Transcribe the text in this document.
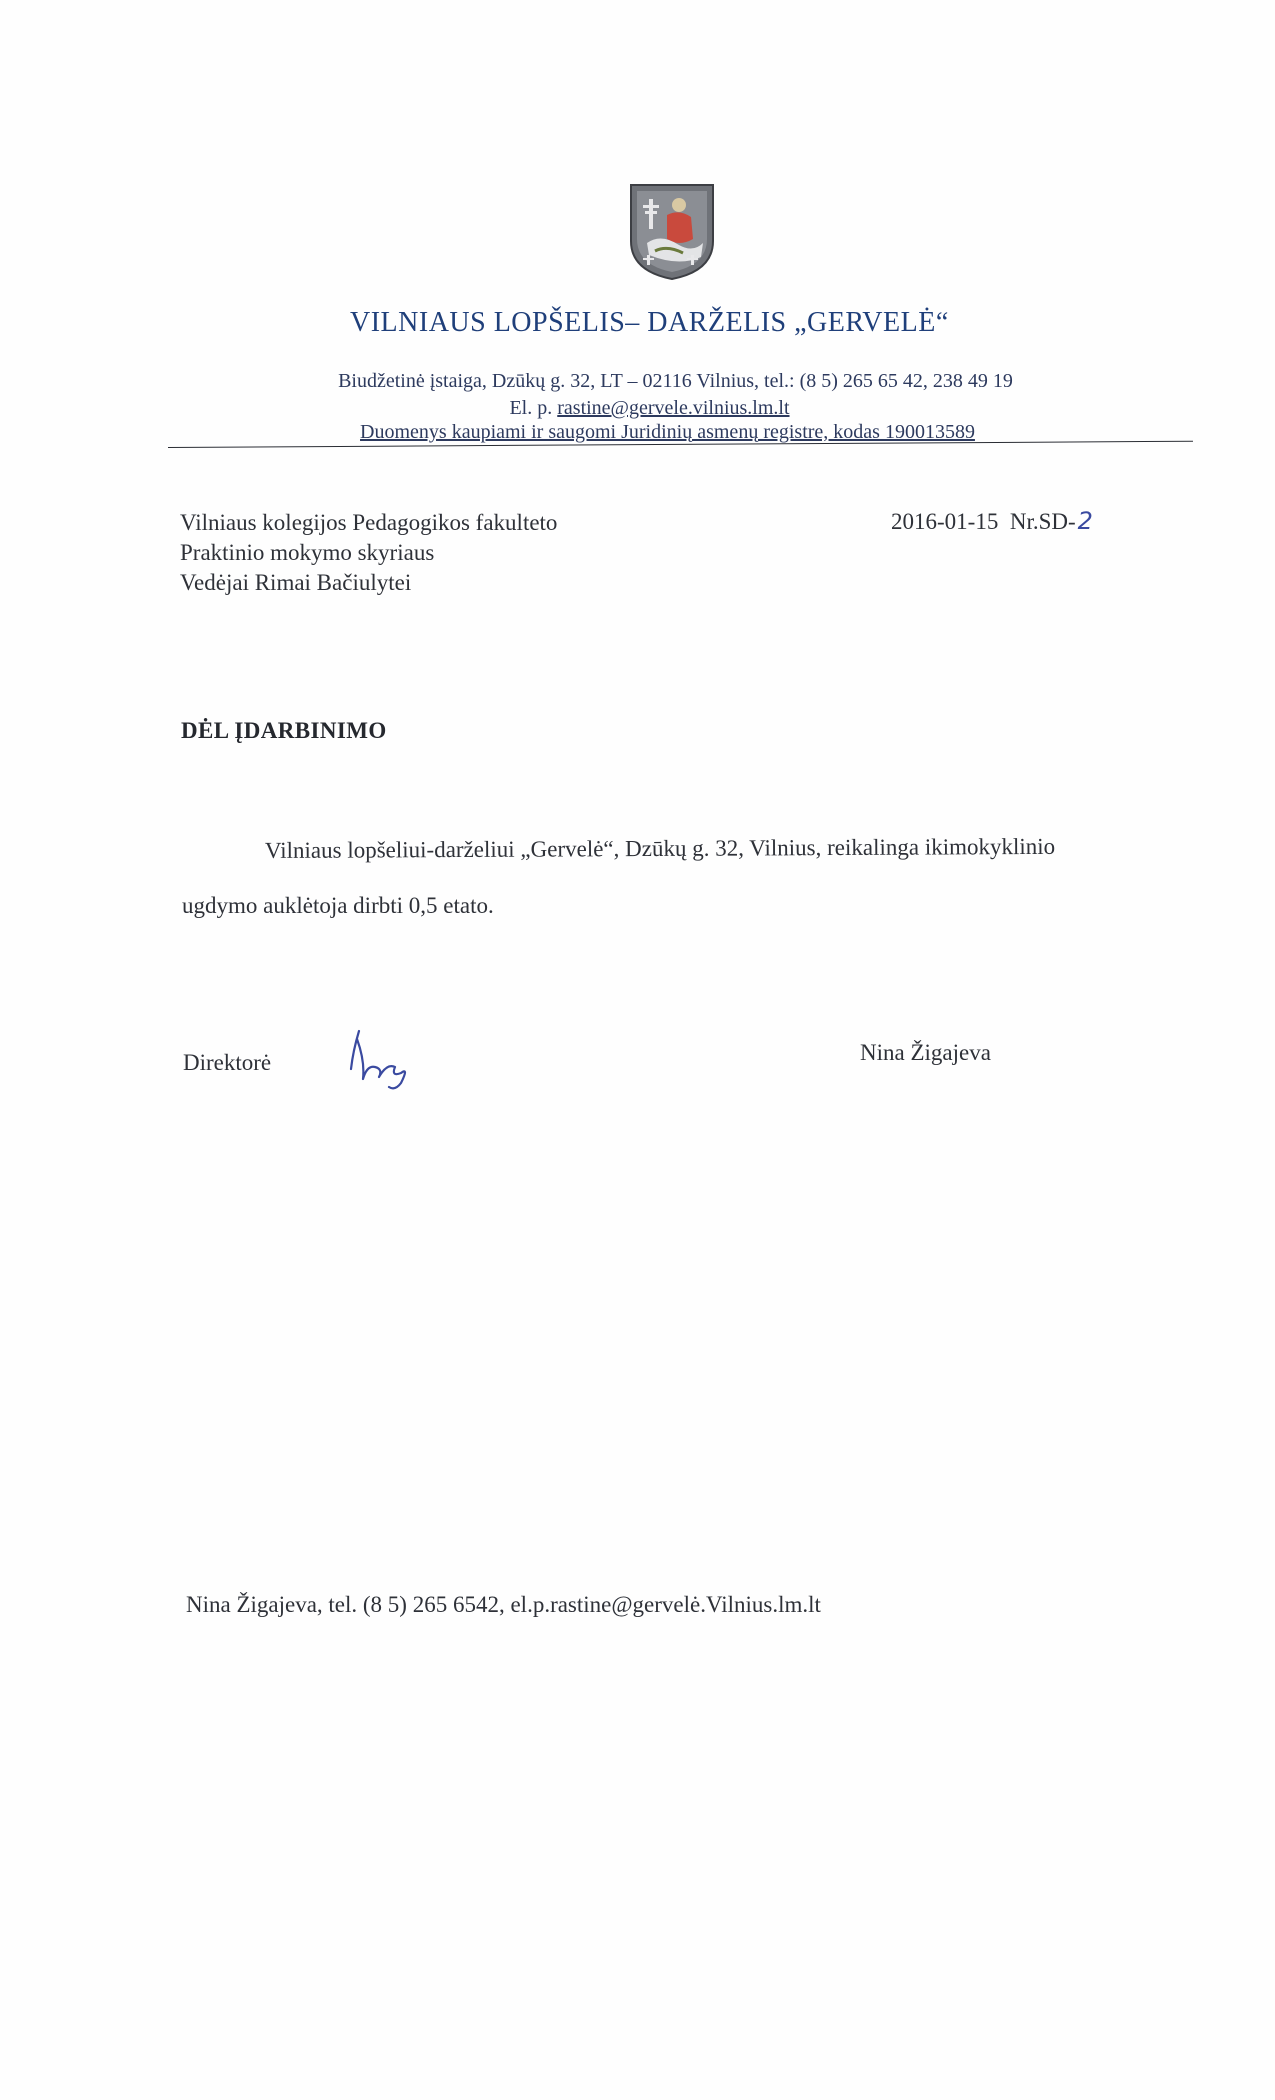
VILNIAUS LOPŠELIS– DARŽELIS „GERVELĖ“
Biudžetinė įstaiga, Dzūkų g. 32, LT – 02116 Vilnius, tel.: (8 5) 265 65 42, 238 49 19
El. p. rastine@gervele.vilnius.lm.lt
Duomenys kaupiami ir saugomi Juridinių asmenų registre, kodas 190013589
Vilniaus kolegijos Pedagogikos fakulteto
Praktinio mokymo skyriaus
Vedėjai Rimai Bačiulytei
2016-01-15 Nr.SD-2
DĖL ĮDARBINIMO
Vilniaus lopšeliui-darželiui „Gervelė“, Dzūkų g. 32, Vilnius, reikalinga ikimokyklinio
ugdymo auklėtoja dirbti 0,5 etato.
Direktorė	Nina Žigajeva
Nina Žigajeva, tel. (8 5) 265 6542, el.p.rastine@gervelė.Vilnius.lm.lt
